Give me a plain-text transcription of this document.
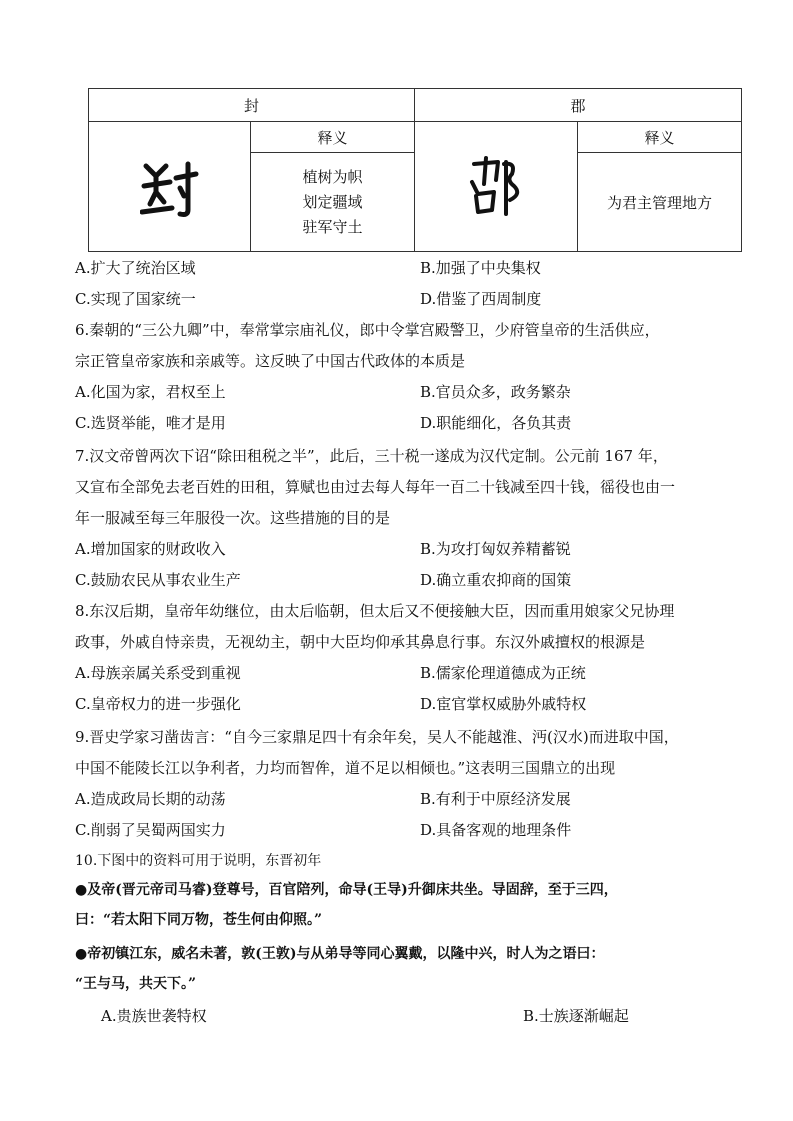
封		郡	

	释义		释义

	植树为帜
划定疆域
驻军守土		为君主管理地方
A.扩大了统治区域	B.加强了中央集权
C.实现了国家统一	D.借鉴了西周制度
6.秦朝的“三公九卿”中，奉常掌宗庙礼仪，郎中令掌宫殿警卫，少府管皇帝的生活供应，
宗正管皇帝家族和亲戚等。这反映了中国古代政体的本质是
A.化国为家，君权至上	B.官员众多，政务繁杂
C.选贤举能，唯才是用	D.职能细化，各负其责
7.汉文帝曾两次下诏“除田租税之半”，此后，三十税一遂成为汉代定制。公元前 167 年，
又宣布全部免去老百姓的田租，算赋也由过去每人每年一百二十钱减至四十钱，徭役也由一
年一服减至每三年服役一次。这些措施的目的是
A.增加国家的财政收入	B.为攻打匈奴养精蓄锐
C.鼓励农民从事农业生产	D.确立重农抑商的国策
8.东汉后期，皇帝年幼继位，由太后临朝，但太后又不便接触大臣，因而重用娘家父兄协理
政事，外戚自恃亲贵，无视幼主，朝中大臣均仰承其鼻息行事。东汉外戚擅权的根源是
A.母族亲属关系受到重视	B.儒家伦理道德成为正统
C.皇帝权力的进一步强化	D.宦官掌权威胁外戚特权
9.晋史学家习凿齿言：“自今三家鼎足四十有余年矣，吴人不能越淮、沔(汉水)而进取中国，
中国不能陵长江以争利者，力均而智侔，道不足以相倾也。”这表明三国鼎立的出现
A.造成政局长期的动荡	B.有利于中原经济发展
C.削弱了吴蜀两国实力	D.具备客观的地理条件
10.下图中的资料可用于说明，东晋初年
●及帝(晋元帝司马睿)登尊号，百官陪列，命导(王导)升御床共坐。导固辞，至于三四，
曰：“若太阳下同万物，苍生何由仰照。”
●帝初镇江东，威名未著，敦(王敦)与从弟导等同心翼戴，以隆中兴，时人为之语曰：
“王与马，共天下。”
A.贵族世袭特权	B.士族逐渐崛起
